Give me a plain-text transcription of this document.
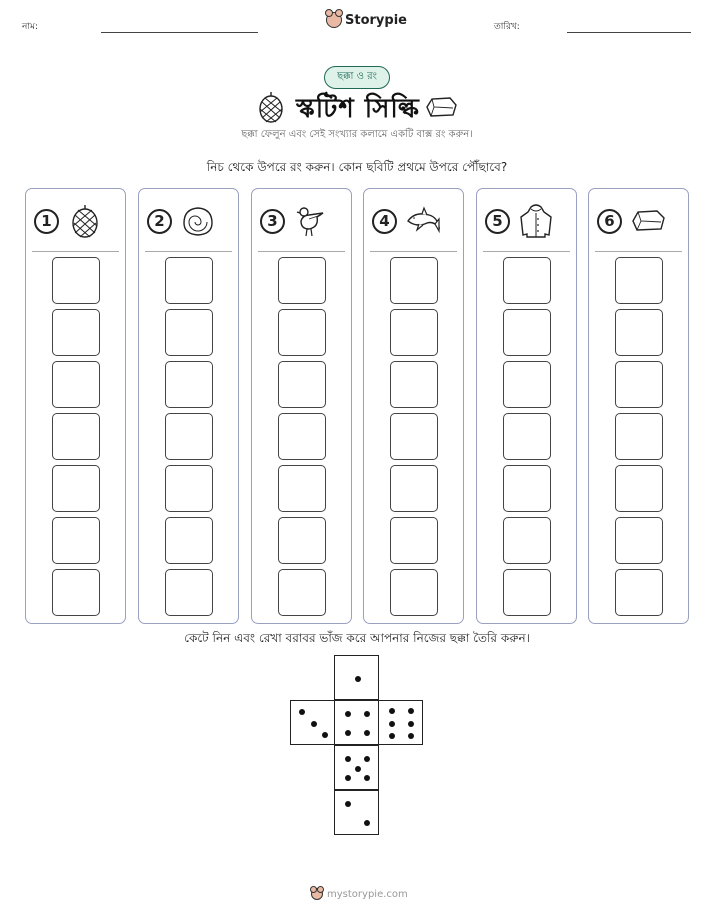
নাম:	Storypie	তারিখ:
ছক্কা ও রং
স্কটিশ সিল্কি
ছক্কা ফেলুন এবং সেই সংখ্যার কলামে একটি বাক্স রং করুন।
নিচ থেকে উপরে রং করুন। কোন ছবিটি প্রথমে উপরে পৌঁছাবে?
1	2	3	4	5	6
কেটে নিন এবং রেখা বরাবর ভাঁজ করে আপনার নিজের ছক্কা তৈরি করুন।
mystorypie.com
